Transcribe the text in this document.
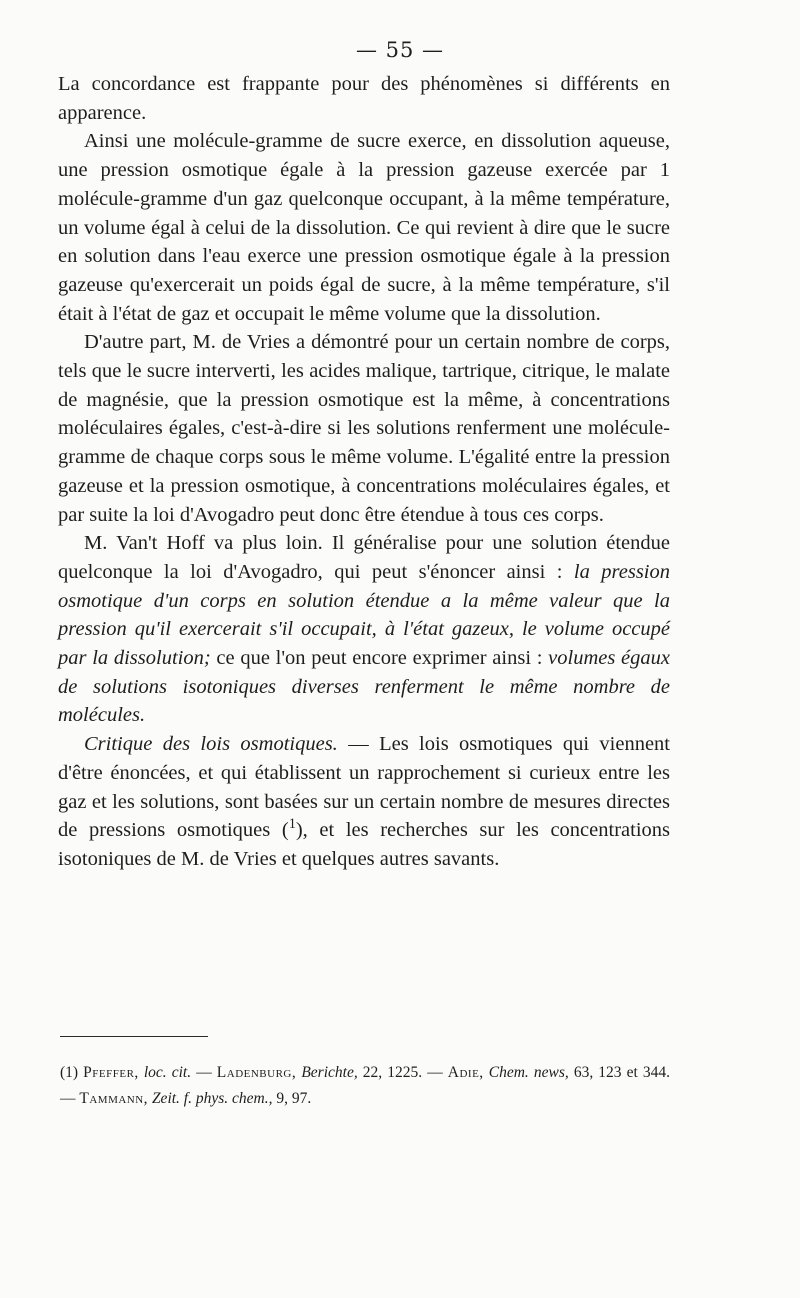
— 55 —

La concordance est frappante pour des phénomènes si différents en apparence.

Ainsi une molécule-gramme de sucre exerce, en dissolution aqueuse, une pression osmotique égale à la pression gazeuse exercée par 1 molécule-gramme d'un gaz quelconque occupant, à la même température, un volume égal à celui de la dissolution. Ce qui revient à dire que le sucre en solution dans l'eau exerce une pression osmotique égale à la pression gazeuse qu'exercerait un poids égal de sucre, à la même température, s'il était à l'état de gaz et occupait le même volume que la dissolution.

D'autre part, M. de Vries a démontré pour un certain nombre de corps, tels que le sucre interverti, les acides malique, tartrique, citrique, le malate de magnésie, que la pression osmotique est la même, à concentrations moléculaires égales, c'est-à-dire si les solutions renferment une molécule-gramme de chaque corps sous le même volume. L'égalité entre la pression gazeuse et la pression osmotique, à concentrations moléculaires égales, et par suite la loi d'Avogadro peut donc être étendue à tous ces corps.

M. Van't Hoff va plus loin. Il généralise pour une solution étendue quelconque la loi d'Avogadro, qui peut s'énoncer ainsi : la pression osmotique d'un corps en solution étendue a la même valeur que la pression qu'il exercerait s'il occupait, à l'état gazeux, le volume occupé par la dissolution; ce que l'on peut encore exprimer ainsi : volumes égaux de solutions isotoniques diverses renferment le même nombre de molécules.

Critique des lois osmotiques. — Les lois osmotiques qui viennent d'être énoncées, et qui établissent un rapprochement si curieux entre les gaz et les solutions, sont basées sur un certain nombre de mesures directes de pressions osmotiques ($^1$), et les recherches sur les concentrations isotoniques de M. de Vries et quelques autres savants.

(1) Pfeffer, loc. cit. — Ladenburg, Berichte, 22, 1225. — Adie, Chem. news, 63, 123 et 344. — Tammann, Zeit. f. phys. chem., 9, 97.
